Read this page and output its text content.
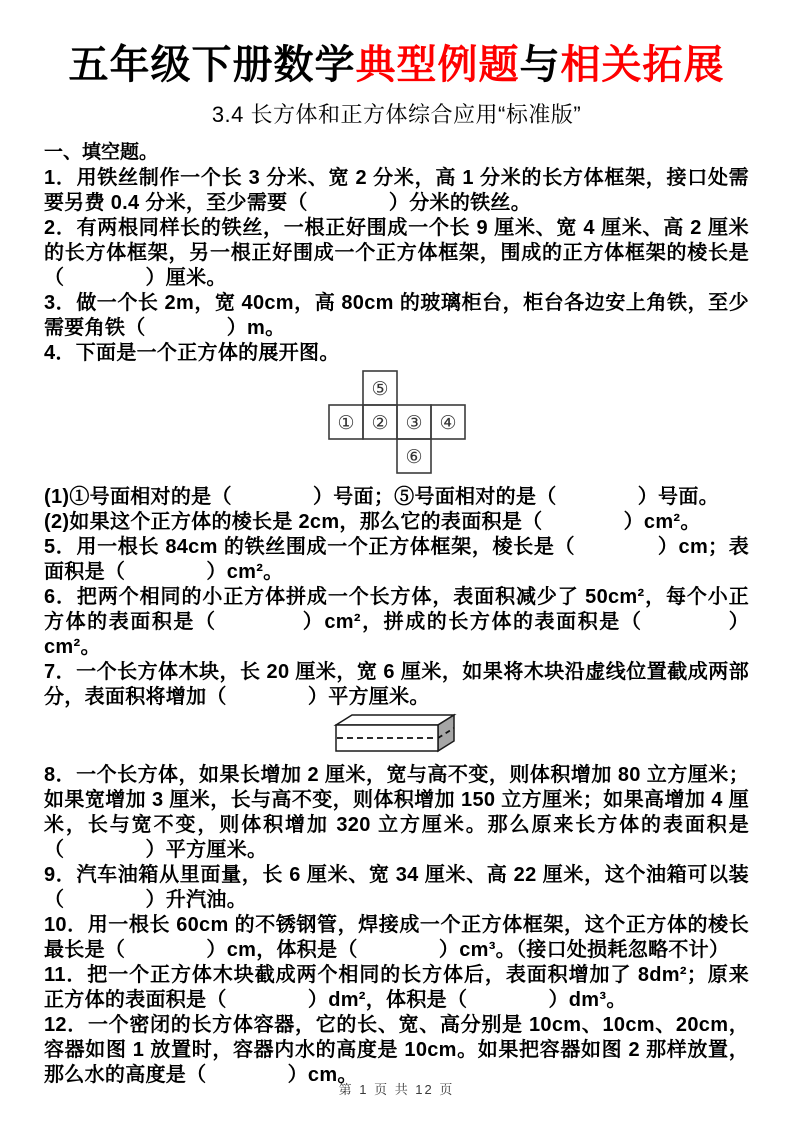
五年级下册数学典型例题与相关拓展
3.4 长方体和正方体综合应用“标准版”
一、填空题。

1．用铁丝制作一个长 3 分米、宽 2 分米，高 1 分米的长方体框架，接口处需要另费 0.4 分米，至少需要（　　　　）分米的铁丝。

2．有两根同样长的铁丝，一根正好围成一个长 9 厘米、宽 4 厘米、高 2 厘米的长方体框架，另一根正好围成一个正方体框架，围成的正方体框架的棱长是（　　　　）厘米。

3．做一个长 2m，宽 40cm，高 80cm 的玻璃柜台，柜台各边安上角铁，至少需要角铁（　　　　）m。

4．下面是一个正方体的展开图。

⑤
① ② ③ ④
⑥

(1)①号面相对的是（　　　　）号面；⑤号面相对的是（　　　　）号面。

(2)如果这个正方体的棱长是 2cm，那么它的表面积是（　　　　）cm²。

5．用一根长 84cm 的铁丝围成一个正方体框架，棱长是（　　　　）cm；表面积是（　　　　）cm²。

6．把两个相同的小正方体拼成一个长方体，表面积减少了 50cm²，每个小正方体的表面积是（　　　　）cm²，拼成的长方体的表面积是（　　　　）cm²。

7．一个长方体木块，长 20 厘米，宽 6 厘米，如果将木块沿虚线位置截成两部分，表面积将增加（　　　　）平方厘米。

8．一个长方体，如果长增加 2 厘米，宽与高不变，则体积增加 80 立方厘米；如果宽增加 3 厘米，长与高不变，则体积增加 150 立方厘米；如果高增加 4 厘米，长与宽不变，则体积增加 320 立方厘米。那么原来长方体的表面积是（　　　　）平方厘米。

9．汽车油箱从里面量，长 6 厘米、宽 34 厘米、高 22 厘米，这个油箱可以装（　　　　）升汽油。

10．用一根长 60cm 的不锈钢管，焊接成一个正方体框架，这个正方体的棱长最长是（　　　　）cm，体积是（　　　　）cm³。（接口处损耗忽略不计）

11．把一个正方体木块截成两个相同的长方体后，表面积增加了 8dm²；原来正方体的表面积是（　　　　）dm²，体积是（　　　　）dm³。

12．一个密闭的长方体容器，它的长、宽、高分别是 10cm、10cm、20cm，容器如图 1 放置时，容器内水的高度是 10cm。如果把容器如图 2 那样放置，那么水的高度是（　　　　）cm。

第 1 页 共 12 页
